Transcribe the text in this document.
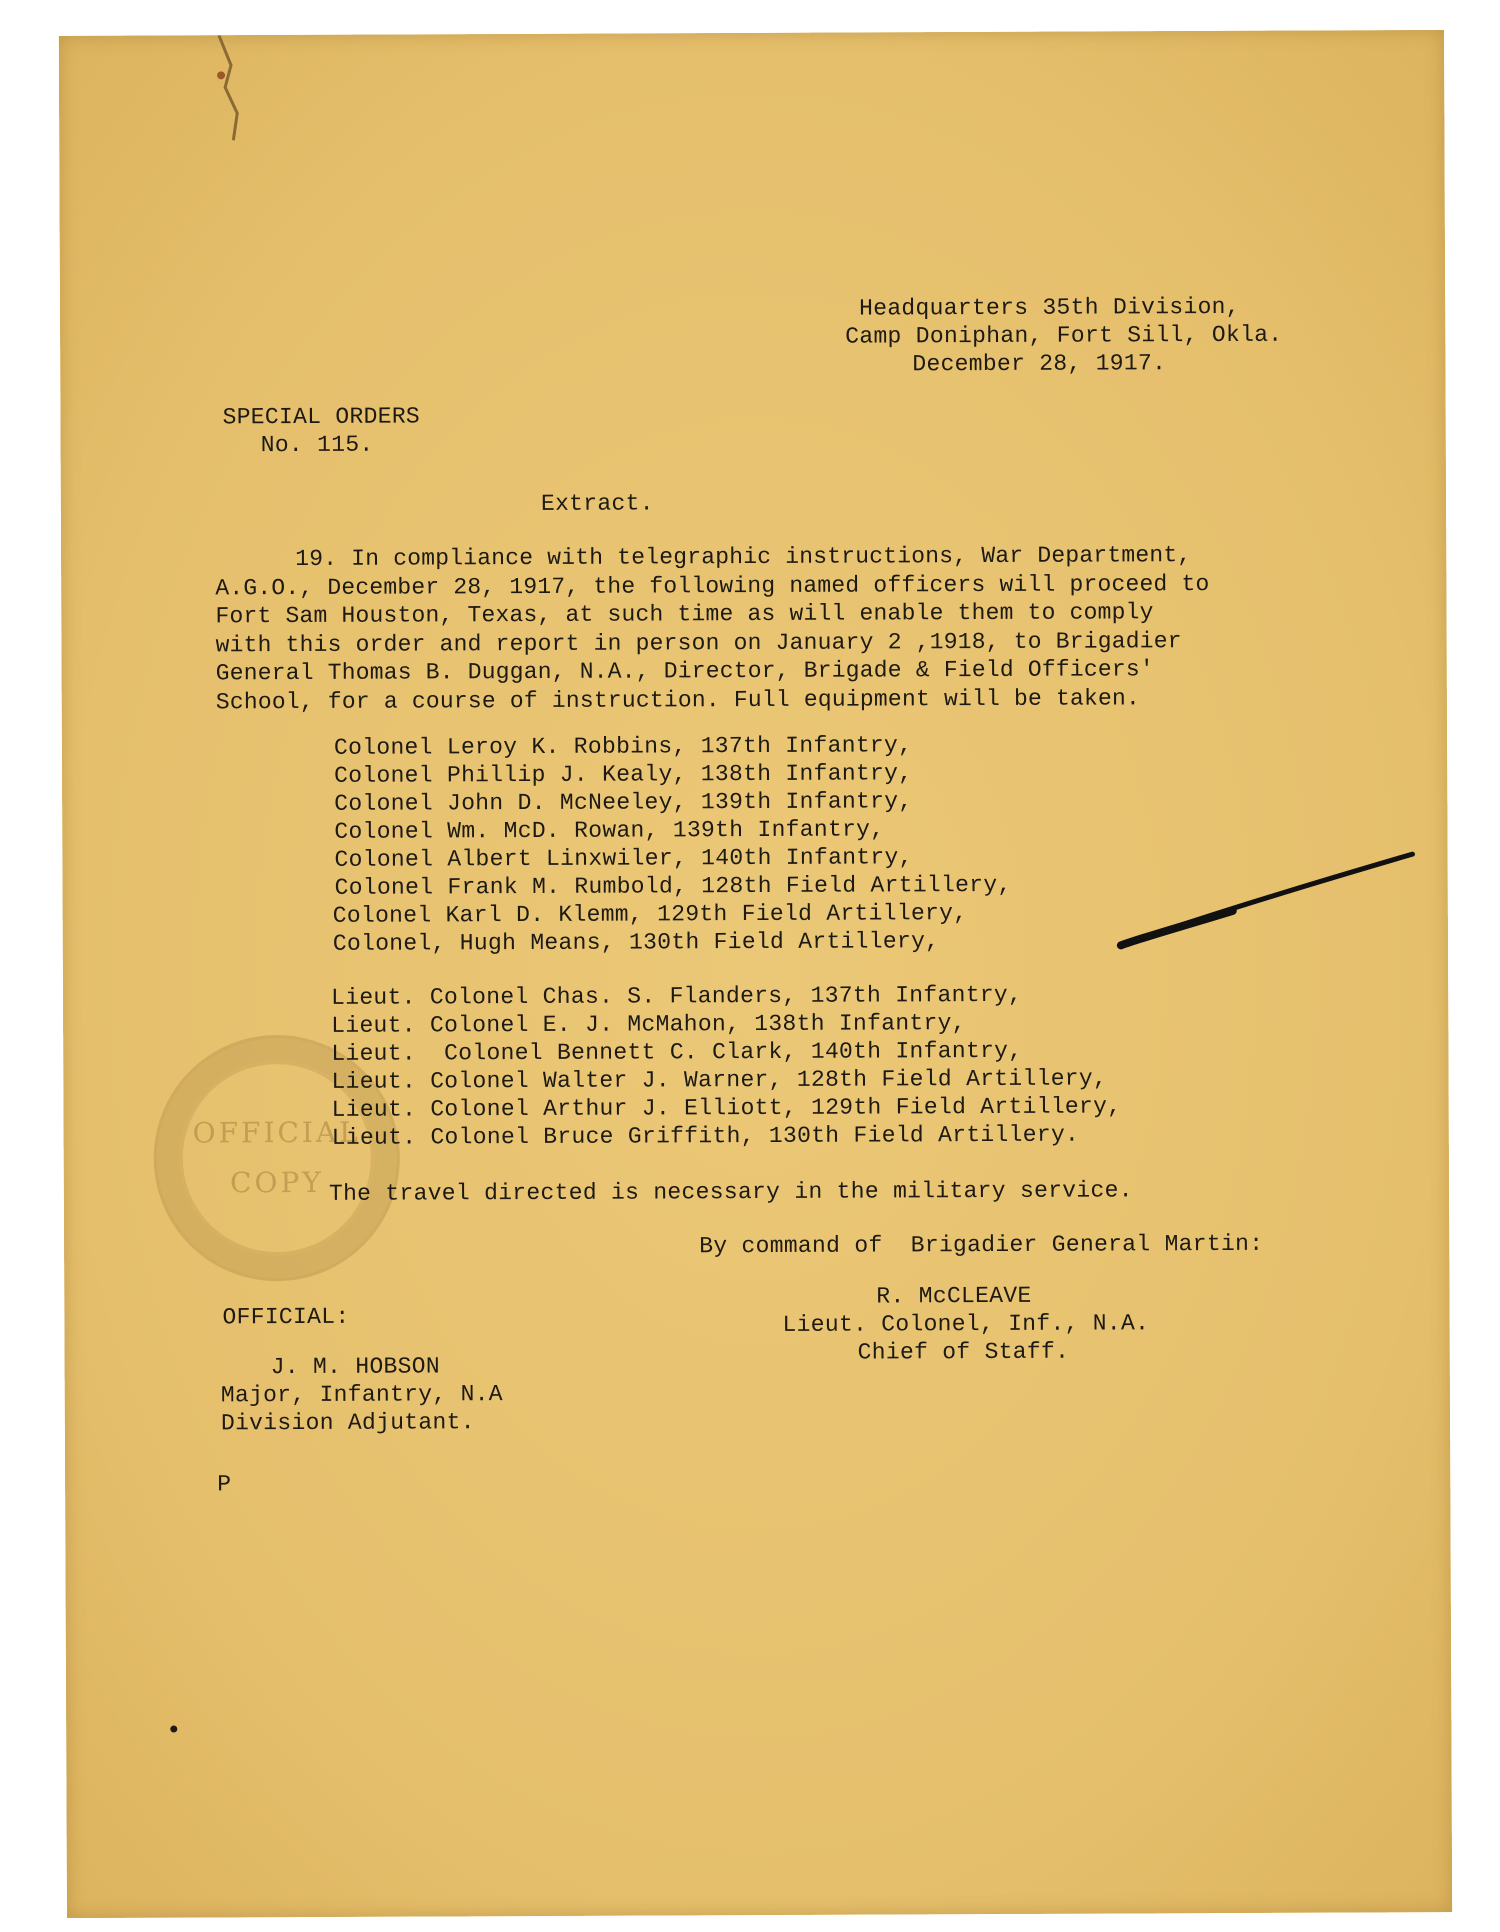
OFFICIAL
COPY
Headquarters 35th Division,
Camp Doniphan, Fort Sill, Okla.
December 28, 1917.
SPECIAL ORDERS
No. 115.
Extract.
19. In compliance with telegraphic instructions, War Department, A.G.O., December 28, 1917, the following named officers will proceed to Fort Sam Houston, Texas, at such time as will enable them to comply with this order and report in person on January 2 ,1918, to Brigadier General Thomas B. Duggan, N.A., Director, Brigade & Field Officers' School, for a course of instruction. Full equipment will be taken.
Colonel Leroy K. Robbins, 137th Infantry,
Colonel Phillip J. Kealy, 138th Infantry,
Colonel John D. McNeeley, 139th Infantry,
Colonel Wm. McD. Rowan, 139th Infantry,
Colonel Albert Linxwiler, 140th Infantry,
Colonel Frank M. Rumbold, 128th Field Artillery,
Colonel Karl D. Klemm, 129th Field Artillery,
Colonel, Hugh Means, 130th Field Artillery,
Lieut. Colonel Chas. S. Flanders, 137th Infantry,
Lieut. Colonel E. J. McMahon, 138th Infantry,
Lieut.  Colonel Bennett C. Clark, 140th Infantry,
Lieut. Colonel Walter J. Warner, 128th Field Artillery,
Lieut. Colonel Arthur J. Elliott, 129th Field Artillery,
Lieut. Colonel Bruce Griffith, 130th Field Artillery.
The travel directed is necessary in the military service.
By command of  Brigadier General Martin:
R. McCLEAVE
Lieut. Colonel, Inf., N.A.
Chief of Staff.
OFFICIAL:
J. M. HOBSON
Major, Infantry, N.A
Division Adjutant.
P
